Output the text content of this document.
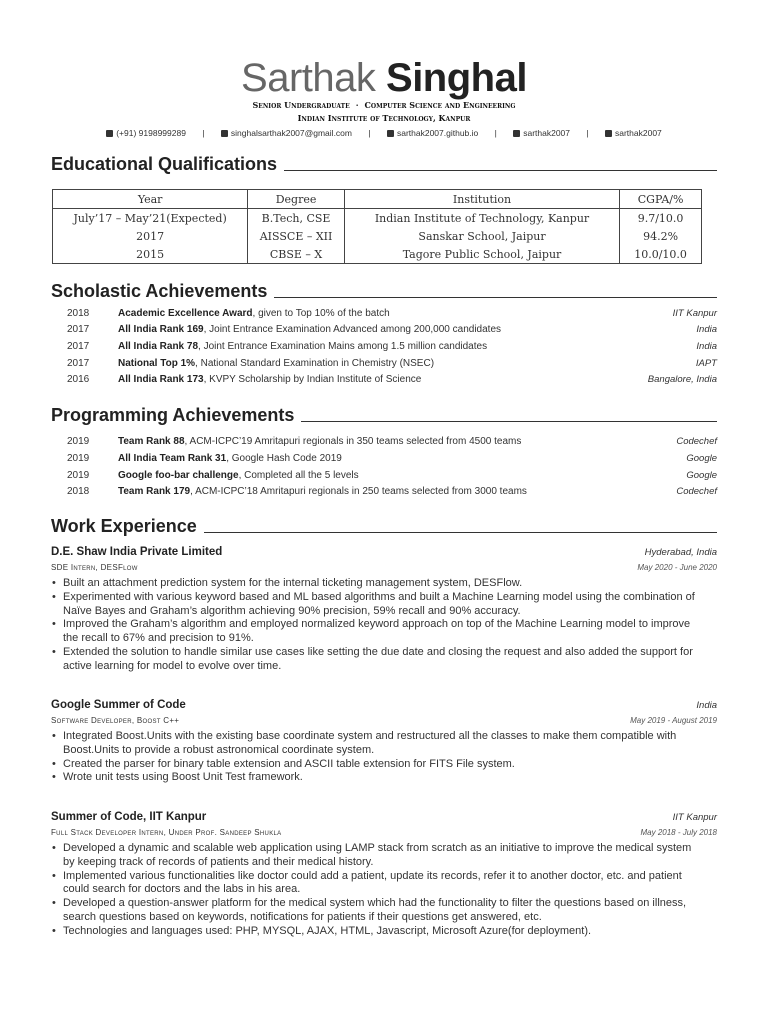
Sarthak Singhal
Senior Undergraduate · Computer Science and Engineering
Indian Institute of Technology, Kanpur
(+91) 9198999289 |	singhalsarthak2007@gmail.com |	sarthak2007.github.io |	sarthak2007 |	sarthak2007
Educational Qualifications
Year	Degree	Institution	CGPA/%
July’17 – May’21(Expected)	B.Tech, CSE	Indian Institute of Technology, Kanpur	9.7/10.0
2017	AISSCE – XII	Sanskar School, Jaipur	94.2%
2015	CBSE – X	Tagore Public School, Jaipur	10.0/10.0
Scholastic Achievements
2018	Academic Excellence Award, given to Top 10% of the batch	IIT Kanpur
2017	All India Rank 169, Joint Entrance Examination Advanced among 200,000 candidates	India
2017	All India Rank 78, Joint Entrance Examination Mains among 1.5 million candidates	India
2017	National Top 1%, National Standard Examination in Chemistry (NSEC)	IAPT
2016	All India Rank 173, KVPY Scholarship by Indian Institute of Science	Bangalore, India
Programming Achievements
2019	Team Rank 88, ACM-ICPC’19 Amritapuri regionals in 350 teams selected from 4500 teams	Codechef
2019	All India Team Rank 31, Google Hash Code 2019	Google
2019	Google foo-bar challenge, Completed all the 5 levels	Google
2018	Team Rank 179, ACM-ICPC’18 Amritapuri regionals in 250 teams selected from 3000 teams	Codechef
Work Experience
D.E. Shaw India Private Limited	Hyderabad, India
SDE Intern, DESFlow	May 2020 - June 2020
• Built an attachment prediction system for the internal ticketing management system, DESFlow.
• Experimented with various keyword based and ML based algorithms and built a Machine Learning model using the combination of Naïve Bayes and Graham’s algorithm achieving 90% precision, 59% recall and 90% accuracy.
• Improved the Graham’s algorithm and employed normalized keyword approach on top of the Machine Learning model to improve the recall to 67% and precision to 91%.
• Extended the solution to handle similar use cases like setting the due date and closing the request and also added the support for active learning for model to evolve over time.
Google Summer of Code	India
Software Developer, Boost C++	May 2019 - August 2019
• Integrated Boost.Units with the existing base coordinate system and restructured all the classes to make them compatible with Boost.Units to provide a robust astronomical coordinate system.
• Created the parser for binary table extension and ASCII table extension for FITS File system.
• Wrote unit tests using Boost Unit Test framework.
Summer of Code, IIT Kanpur	IIT Kanpur
Full Stack Developer Intern, Under Prof. Sandeep Shukla	May 2018 - July 2018
• Developed a dynamic and scalable web application using LAMP stack from scratch as an initiative to improve the medical system by keeping track of records of patients and their medical history.
• Implemented various functionalities like doctor could add a patient, update its records, refer it to another doctor, etc. and patient could search for doctors and the labs in his area.
• Developed a question-answer platform for the medical system which had the functionality to filter the questions based on illness, search questions based on keywords, notifications for patients if their questions get answered, etc.
• Technologies and languages used: PHP, MYSQL, AJAX, HTML, Javascript, Microsoft Azure(for deployment).
